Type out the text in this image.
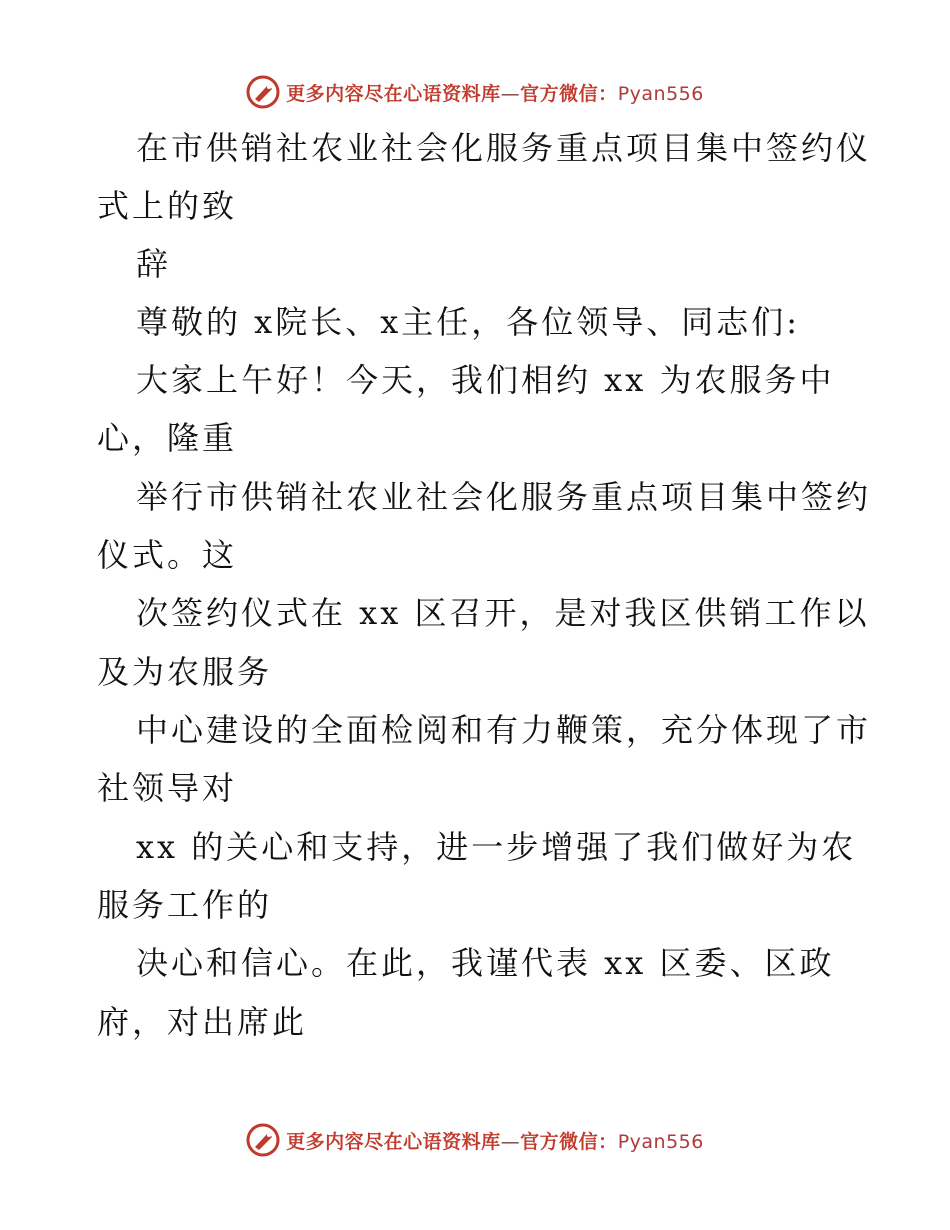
更多内容尽在心语资料库—官方微信：Pyan556
在市供销社农业社会化服务重点项目集中签约仪
式上的致
辞
尊敬的 x院长、x主任，各位领导、同志们:
大家上午好！今天，我们相约 xx 为农服务中
心，隆重
举行市供销社农业社会化服务重点项目集中签约
仪式。这
次签约仪式在 xx 区召开，是对我区供销工作以
及为农服务
中心建设的全面检阅和有力鞭策，充分体现了市
社领导对
xx 的关心和支持，进一步增强了我们做好为农
服务工作的
决心和信心。在此，我谨代表 xx 区委、区政
府，对出席此
更多内容尽在心语资料库—官方微信：Pyan556
